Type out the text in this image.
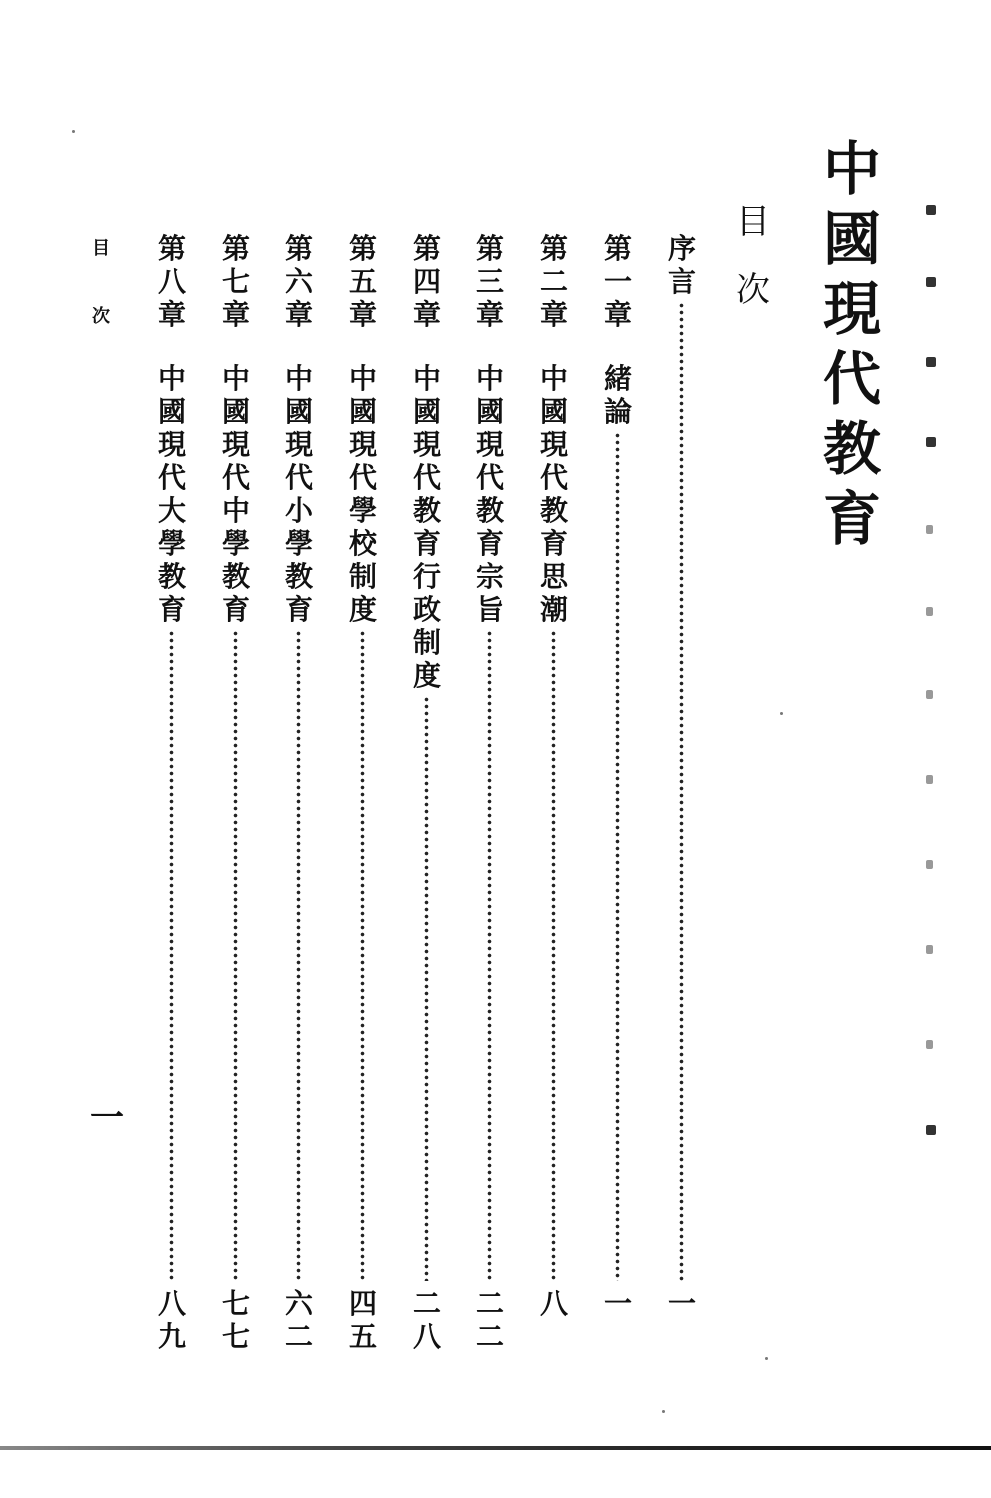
中
國
現
代
教
育
目
次
序
言
一
第
一
章
緒
論
一
第
二
章
中
國
現
代
教
育
思
潮
八
第
三
章
中
國
現
代
教
育
宗
旨
二
二
第
四
章
中
國
現
代
教
育
行
政
制
度
二
八
第
五
章
中
國
現
代
學
校
制
度
四
五
第
六
章
中
國
現
代
小
學
教
育
六
二
第
七
章
中
國
現
代
中
學
教
育
七
七
第
八
章
中
國
現
代
大
學
教
育
八
九
目
次
一
